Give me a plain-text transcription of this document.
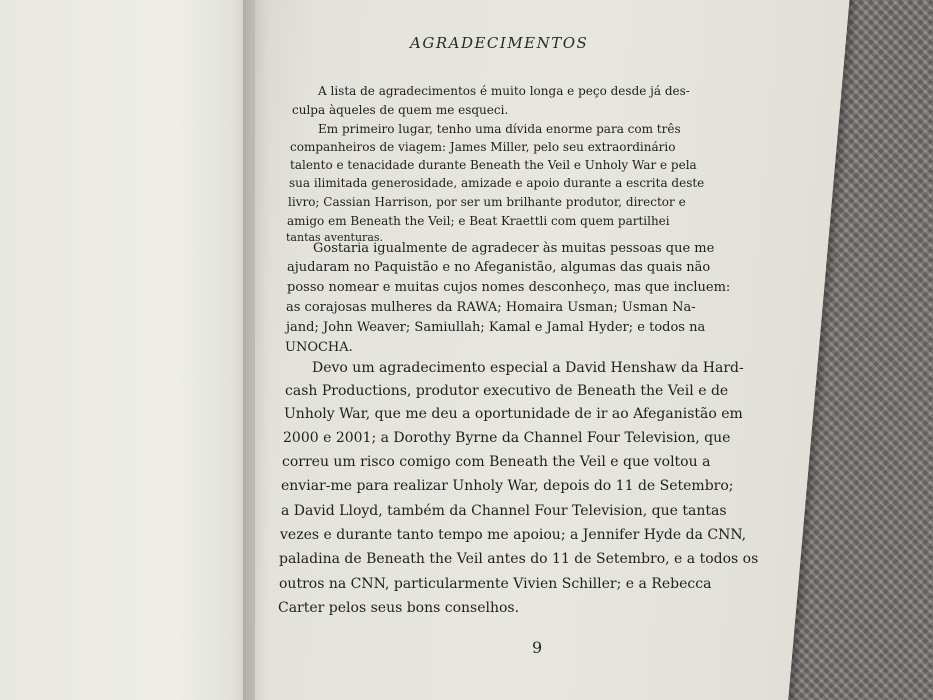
AGRADECIMENTOS
A lista de agradecimentos é muito longa e peço desde já des-
culpa àqueles de quem me esqueci.
Em primeiro lugar, tenho uma dívida enorme para com três
companheiros de viagem: James Miller, pelo seu extraordinário
talento e tenacidade durante Beneath the Veil e Unholy War e pela
sua ilimitada generosidade, amizade e apoio durante a escrita deste
livro; Cassian Harrison, por ser um brilhante produtor, director e
amigo em Beneath the Veil; e Beat Kraettli com quem partilhei
tantas aventuras.
Gostaria igualmente de agradecer às muitas pessoas que me
ajudaram no Paquistão e no Afeganistão, algumas das quais não
posso nomear e muitas cujos nomes desconheço, mas que incluem:
as corajosas mulheres da RAWA; Homaira Usman; Usman Na-
jand; John Weaver; Samiullah; Kamal e Jamal Hyder; e todos na
UNOCHA.
Devo um agradecimento especial a David Henshaw da Hard-
cash Productions, produtor executivo de Beneath the Veil e de
Unholy War, que me deu a oportunidade de ir ao Afeganistão em
2000 e 2001; a Dorothy Byrne da Channel Four Television, que
correu um risco comigo com Beneath the Veil e que voltou a
enviar-me para realizar Unholy War, depois do 11 de Setembro;
a David Lloyd, também da Channel Four Television, que tantas
vezes e durante tanto tempo me apoiou; a Jennifer Hyde da CNN,
paladina de Beneath the Veil antes do 11 de Setembro, e a todos os
outros na CNN, particularmente Vivien Schiller; e a Rebecca
Carter pelos seus bons conselhos.
9
